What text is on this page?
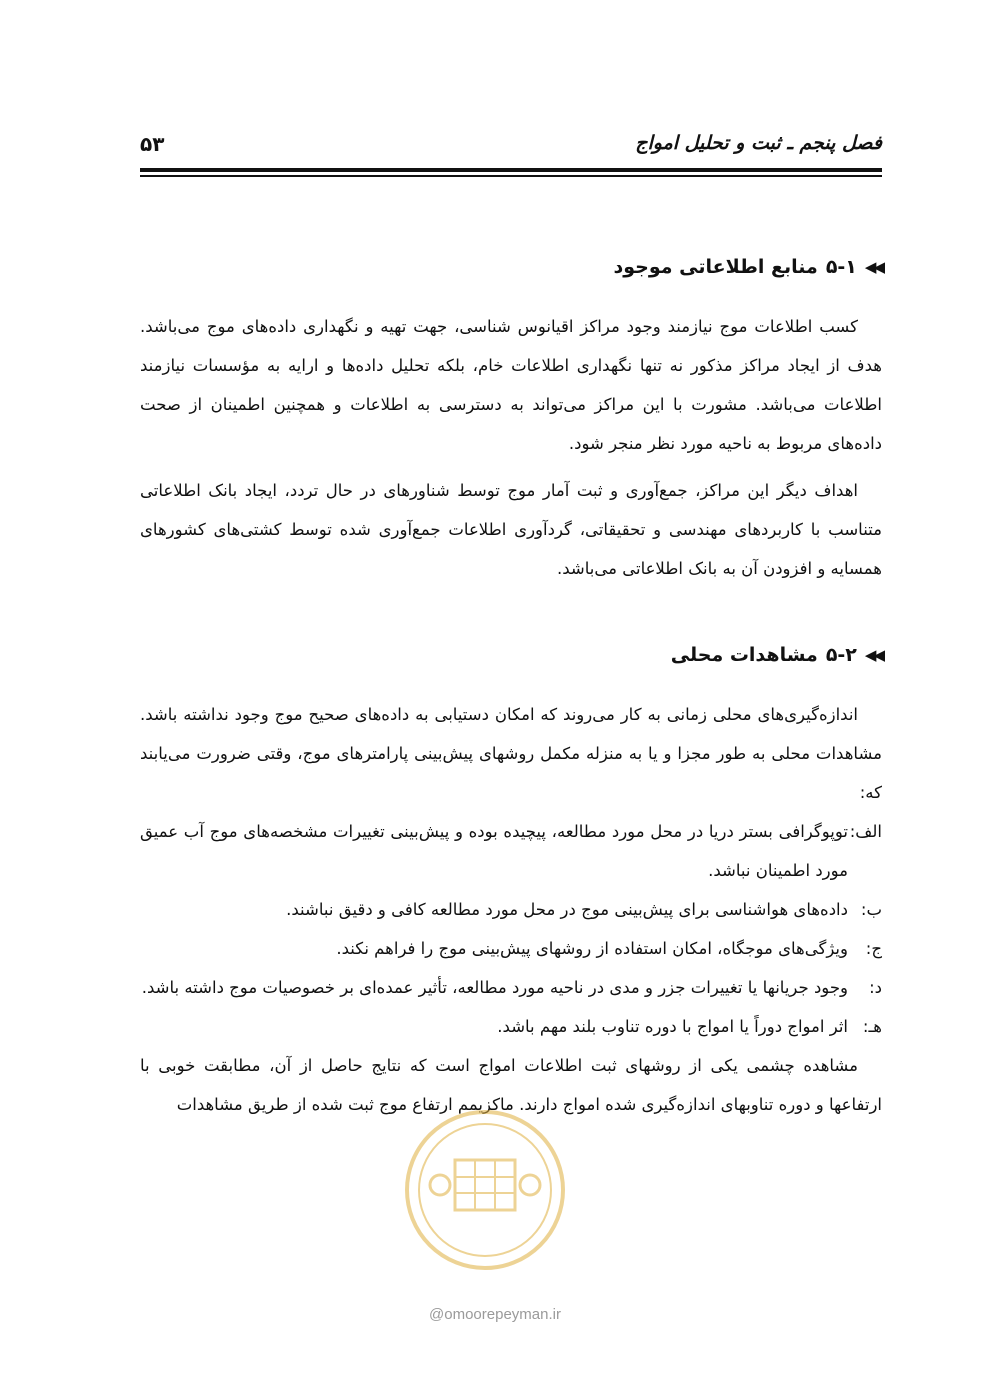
فصل پنجم ـ ثبت و تحلیل امواج
۵۳
◀◀
۵-۱
منابع اطلاعاتی موجود

کسب اطلاعات موج نیازمند وجود مراکز اقیانوس شناسی، جهت تهیه و نگهداری داده‌های موج می‌باشد. هدف از ایجاد مراکز مذکور نه تنها نگهداری اطلاعات خام، بلکه تحلیل داده‌ها و ارایه به مؤسسات نیازمند اطلاعات می‌باشد. مشورت با این مراکز می‌تواند به دسترسی به اطلاعات و همچنین اطمینان از صحت داده‌های مربوط به ناحیه مورد نظر منجر شود.

اهداف دیگر این مراکز، جمع‌آوری و ثبت آمار موج توسط شناورهای در حال تردد، ایجاد بانک اطلاعاتی متناسب با کاربردهای مهندسی و تحقیقاتی، گردآوری اطلاعات جمع‌آوری شده توسط کشتی‌های کشورهای همسایه و افزودن آن به بانک اطلاعاتی می‌باشد.

◀◀
۵-۲
مشاهدات محلی

اندازه‌گیری‌های محلی زمانی به کار می‌روند که امکان دستیابی به داده‌های صحیح موج وجود نداشته باشد. مشاهدات محلی به طور مجزا و یا به منزله مکمل روشهای پیش‌بینی پارامترهای موج، وقتی ضرورت می‌یابند که:

الف:
توپوگرافی بستر دریا در محل مورد مطالعه، پیچیده بوده و پیش‌بینی تغییرات مشخصه‌های موج آب عمیق مورد اطمینان نباشد.
ب:
داده‌های هواشناسی برای پیش‌بینی موج در محل مورد مطالعه کافی و دقیق نباشند.
ج:
ویژگی‌های موجگاه، امکان استفاده از روشهای پیش‌بینی موج را فراهم نکند.
د:
وجود جریانها یا تغییرات جزر و مدی در ناحیه مورد مطالعه، تأثیر عمده‌ای بر خصوصیات موج داشته باشد.
هـ:
اثر امواج دوراً یا امواج با دوره تناوب بلند مهم باشد.

مشاهده چشمی یکی از روشهای ثبت اطلاعات امواج است که نتایج حاصل از آن، مطابقت خوبی با ارتفاعها و دوره تناوبهای اندازه‌گیری شده امواج دارند. ماکزیمم ارتفاع موج ثبت شده از طریق مشاهدات

@omoorepeyman.ir
